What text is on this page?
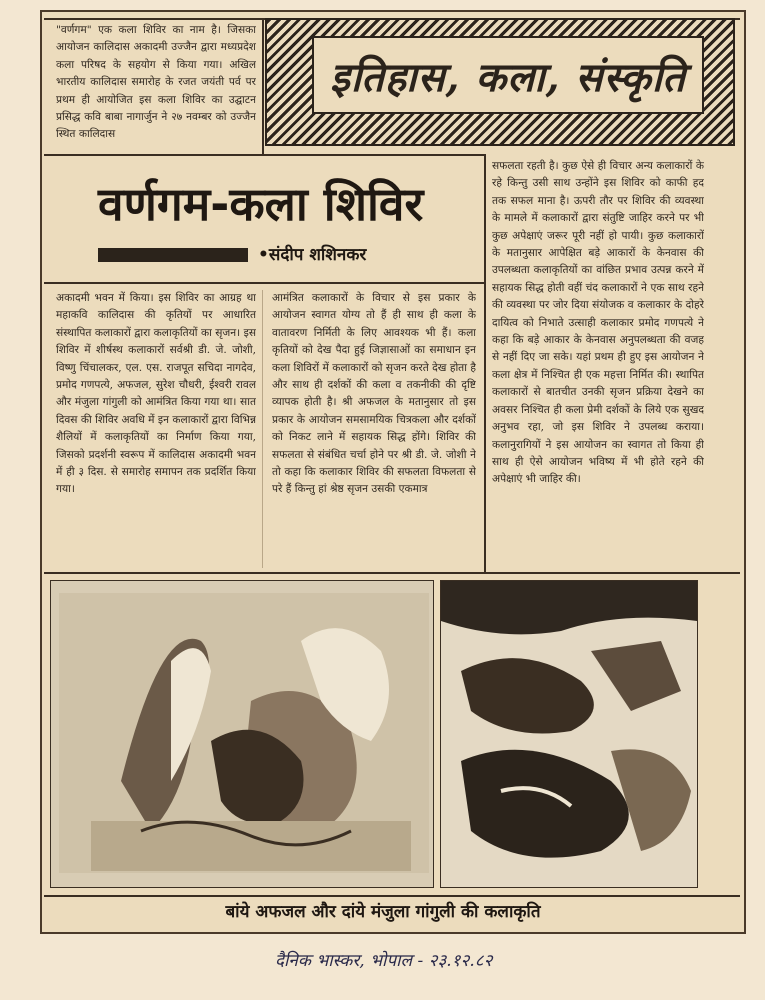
"वर्णगम" एक कला शिविर का नाम है। जिसका आयोजन कालिदास अकादमी उज्जैन द्वारा मध्यप्रदेश कला परिषद के सहयोग से किया गया। अखिल भारतीय कालिदास समारोह के रजत जयंती पर्व पर प्रथम ही आयोजित इस कला शिविर का उद्घाटन प्रसिद्ध कवि बाबा नागार्जुन ने २७ नवम्बर को उज्जैन स्थित कालिदास
इतिहास, कला, संस्कृति
वर्णगम-कला शिविर
•संदीप शशिनकर
अकादमी भवन में किया। इस शिविर का आग्रह था महाकवि कालिदास की कृतियों पर आधारित संस्थापित कलाकारों द्वारा कलाकृतियों का सृजन। इस शिविर में शीर्षस्थ कलाकारों सर्वश्री डी. जे. जोशी, विष्णु चिंचालकर, एल. एस. राजपूत सचिदा नागदेव, प्रमोद गणपत्ये, अफजल, सुरेश चौधरी, ईश्वरी रावल और मंजुला गांगुली को आमंत्रित किया गया था। सात दिवस की शिविर अवधि में इन कलाकारों द्वारा विभिन्न शैलियों में कलाकृतियों का निर्माण किया गया, जिसको प्रदर्शनी स्वरूप में कालिदास अकादमी भवन में ही ३ दिस. से समारोह समापन तक प्रदर्शित किया गया।
आमंत्रित कलाकारों के विचार से इस प्रकार के आयोजन स्वागत योग्य तो हैं ही साथ ही कला के वातावरण निर्मिती के लिए आवश्यक भी हैं। कला कृतियों को देख पैदा हुई जिज्ञासाओं का समाधान इन कला शिविरों में कलाकारों को सृजन करते देख होता है और साथ ही दर्शकों की कला व तकनीकी की दृष्टि व्यापक होती है। श्री अफजल के मतानुसार तो इस प्रकार के आयोजन समसामयिक चित्रकला और दर्शकों को निकट लाने में सहायक सिद्ध होंगे। शिविर की सफलता से संबंधित चर्चा होने पर श्री डी. जे. जोशी ने तो कहा कि कलाकार शिविर की सफलता विफलता से परे हैं किन्तु हां श्रेष्ठ सृजन उसकी एकमात्र
सफलता रहती है। कुछ ऐसे ही विचार अन्य कलाकारों के रहे किन्तु उसी साथ उन्होंने इस शिविर को काफी हद तक सफल माना है। ऊपरी तौर पर शिविर की व्यवस्था के मामले में कलाकारों द्वारा संतुष्टि जाहिर करने पर भी कुछ अपेक्षाएं जरूर पूरी नहीं हो पायी। कुछ कलाकारों के मतानुसार आपेक्षित बड़े आकारों के केनवास की उपलब्धता कलाकृतियों का वांछित प्रभाव उत्पन्न करने में सहायक सिद्ध होती वहीं चंद कलाकारों ने एक साथ रहने की व्यवस्था पर जोर दिया संयोजक व कलाकार के दोहरे दायित्व को निभाते उत्साही कलाकार प्रमोद गणपत्ये ने कहा कि बड़े आकार के केनवास अनुपलब्धता की वजह से नहीं दिए जा सके। यहां प्रथम ही हुए इस आयोजन ने कला क्षेत्र में निश्चित ही एक महत्ता निर्मित की। स्थापित कलाकारों से बातचीत उनकी सृजन प्रक्रिया देखने का अवसर निश्चित ही कला प्रेमी दर्शकों के लिये एक सुखद अनुभव रहा, जो इस शिविर ने उपलब्ध कराया। कलानुरागियों ने इस आयोजन का स्वागत तो किया ही साथ ही ऐसे आयोजन भविष्य में भी होते रहने की अपेक्षाएं भी जाहिर की।
बांये अफजल और दांये मंजुला गांगुली की कलाकृति
दैनिक भास्कर, भोपाल - २३.१२.८२
